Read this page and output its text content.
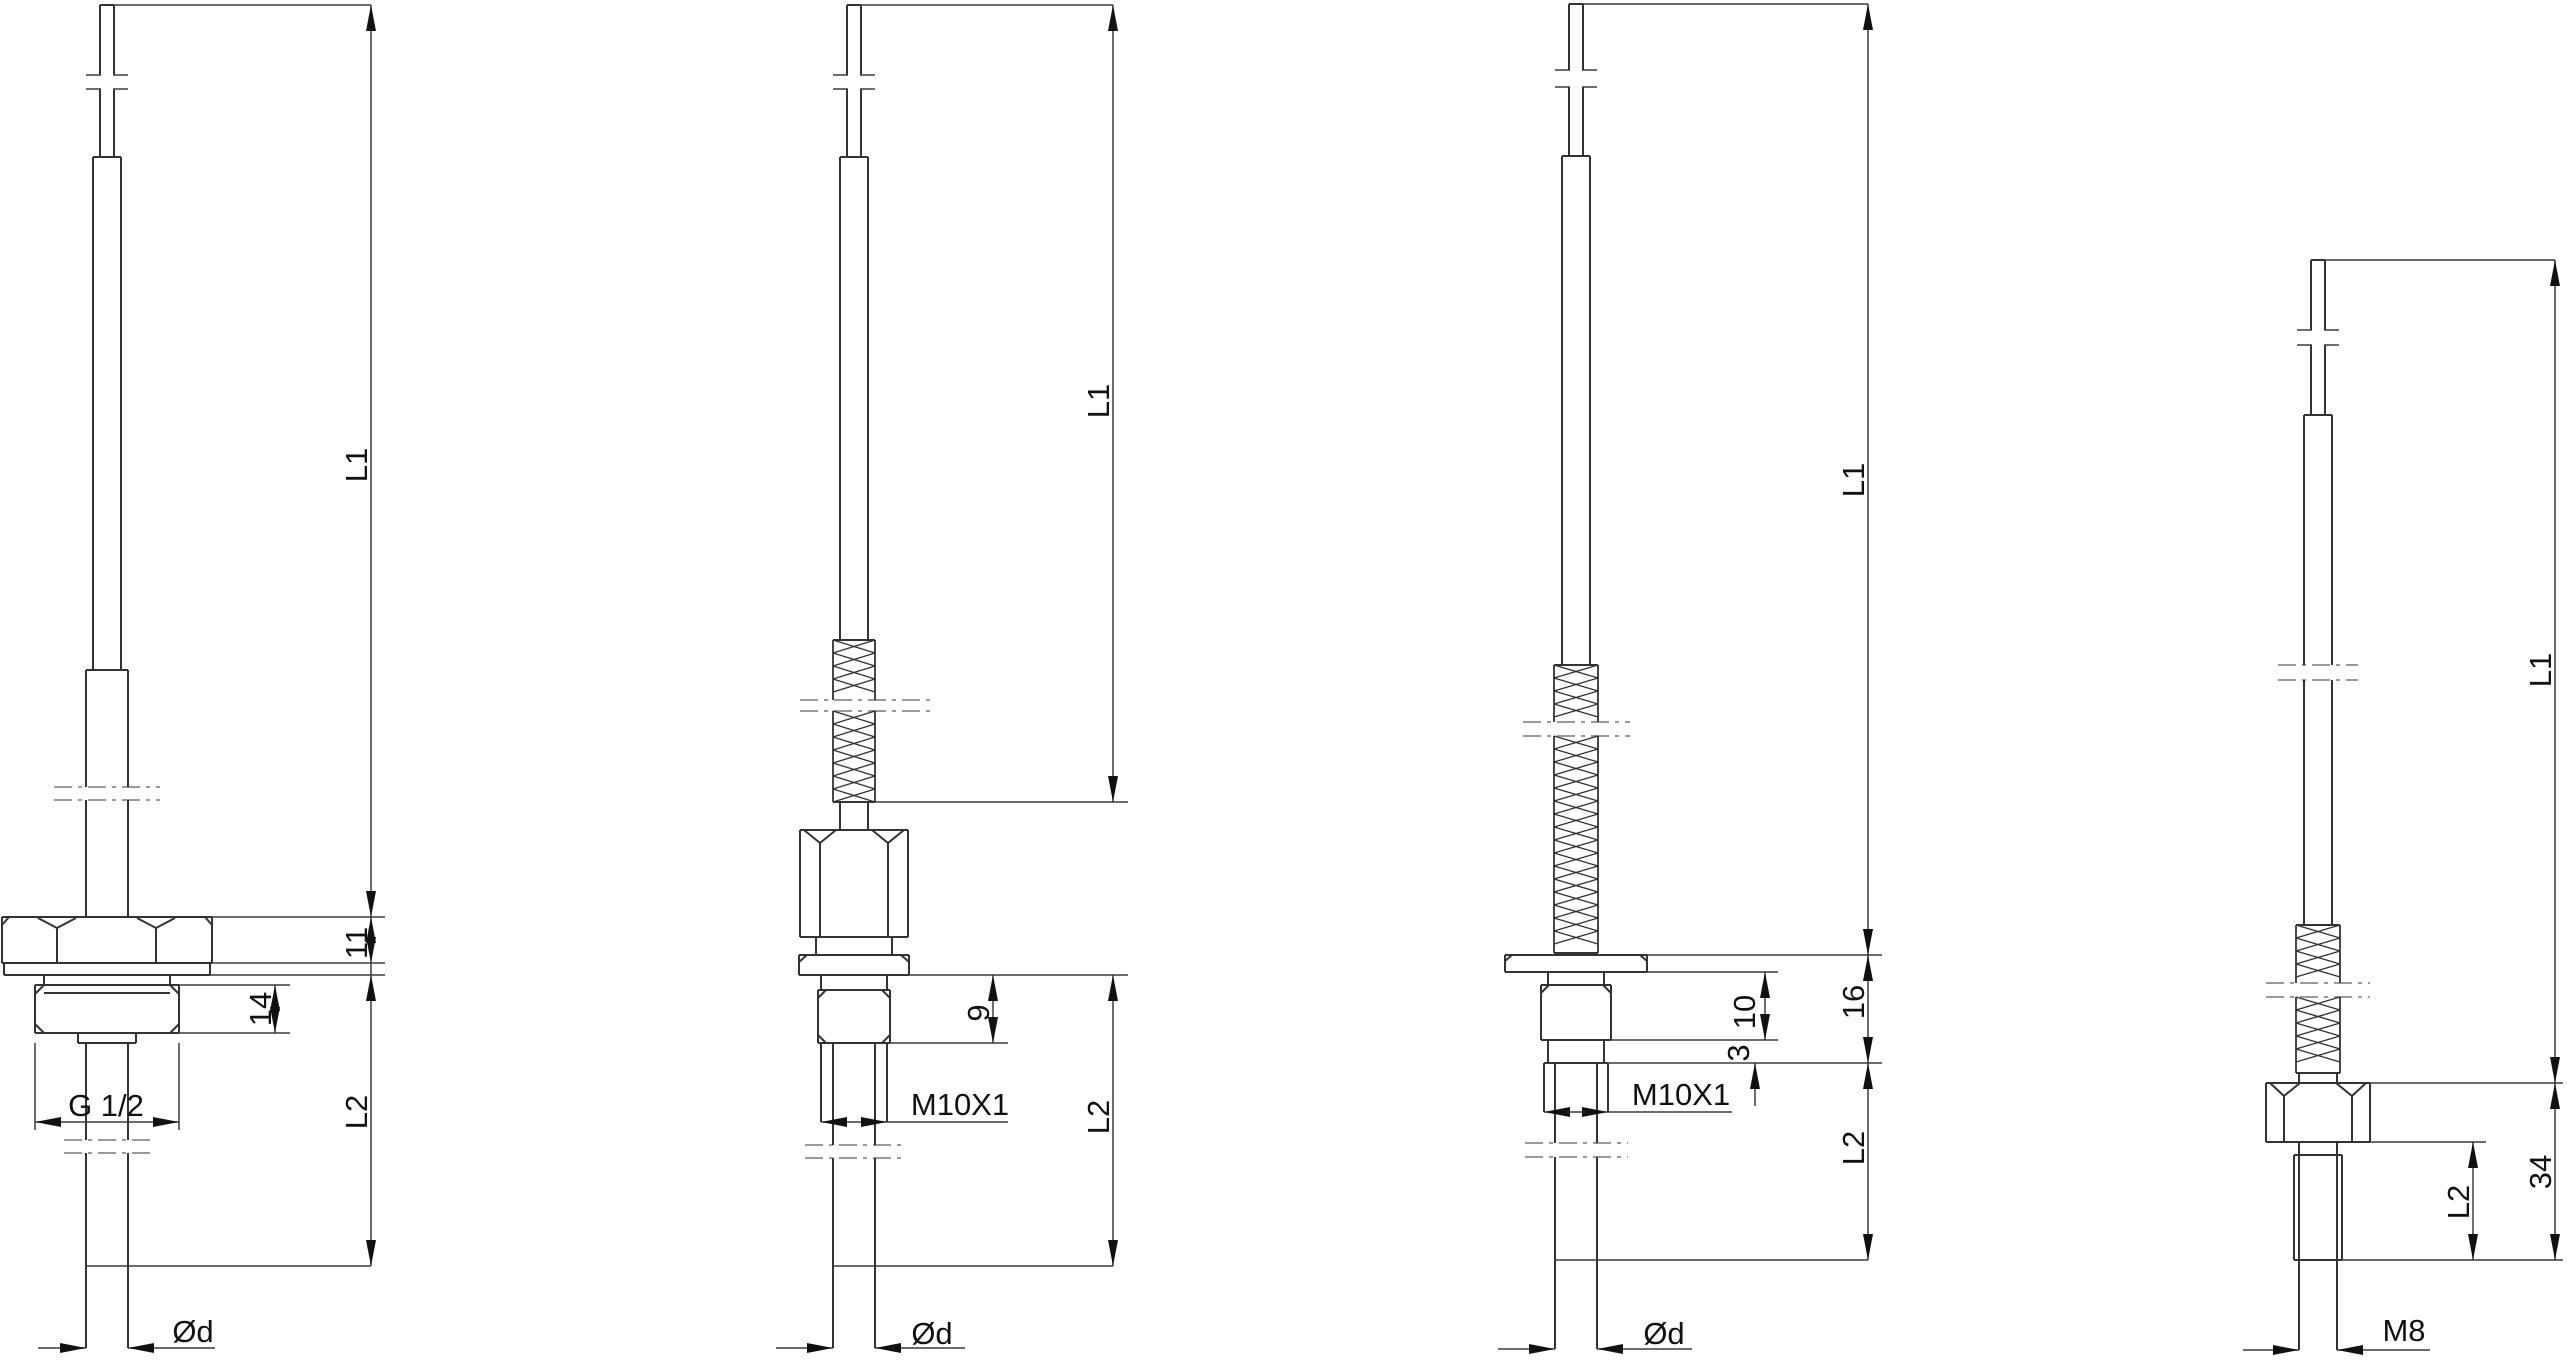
L1
11
14
L2
G 1/2
Ød
L1
9
L2
M10X1
Ød
L1
16
10
3
L2
M10X1
Ød
L1
34
L2
M8
